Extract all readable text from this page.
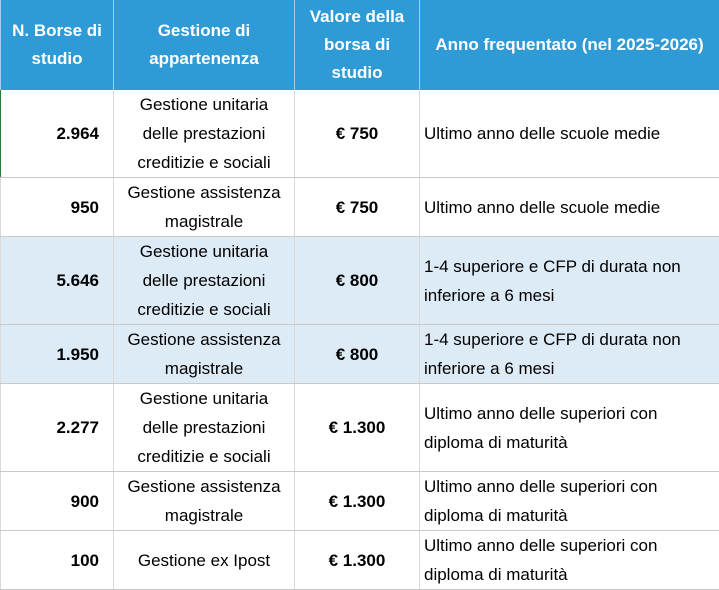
N. Borse di studio	Gestione di appartenenza	Valore della borsa di studio	Anno frequentato (nel 2025-2026)
2.964	Gestione unitaria delle prestazioni creditizie e sociali	€ 750	Ultimo anno delle scuole medie
950	Gestione assistenza magistrale	€ 750	Ultimo anno delle scuole medie
5.646	Gestione unitaria delle prestazioni creditizie e sociali	€ 800	1-4 superiore e CFP di durata non inferiore a 6 mesi
1.950	Gestione assistenza magistrale	€ 800	1-4 superiore e CFP di durata non inferiore a 6 mesi
2.277	Gestione unitaria delle prestazioni creditizie e sociali	€ 1.300	Ultimo anno delle superiori con diploma di maturità
900	Gestione assistenza magistrale	€ 1.300	Ultimo anno delle superiori con diploma di maturità
100	Gestione ex Ipost	€ 1.300	Ultimo anno delle superiori con diploma di maturità
